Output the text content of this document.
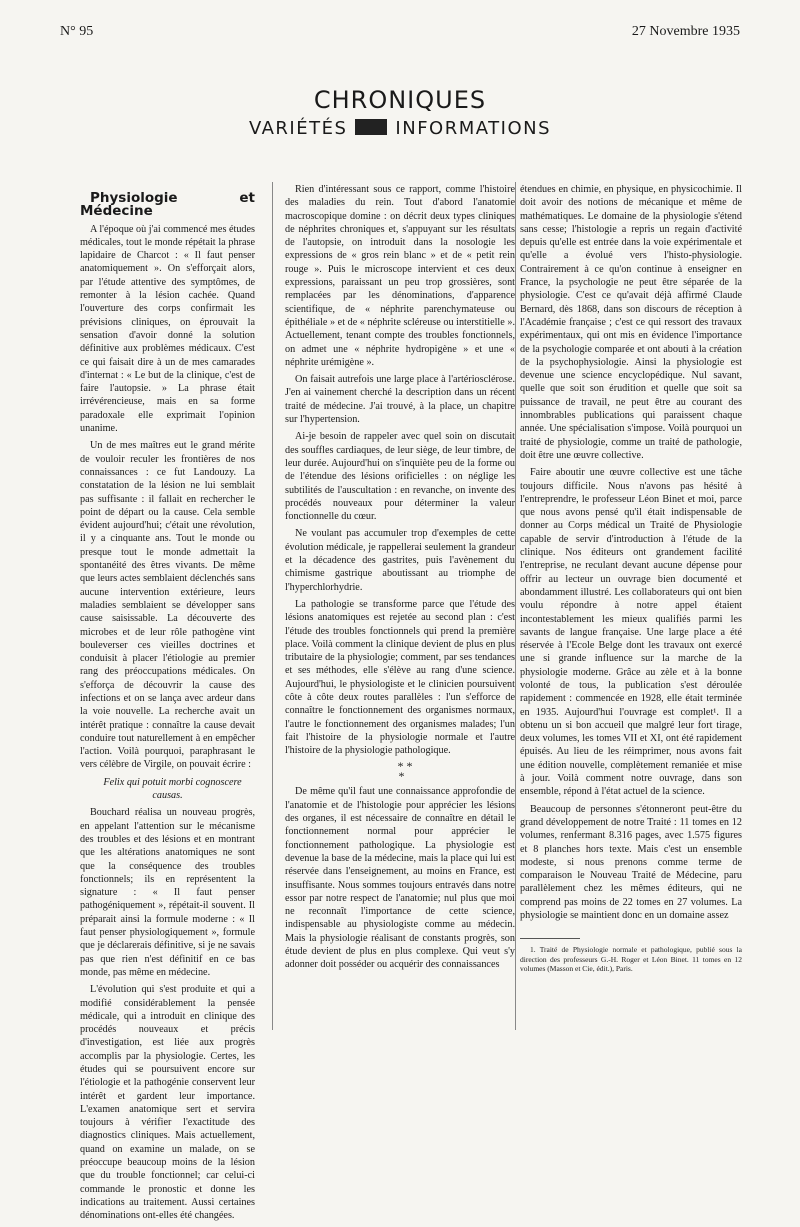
N° 95	27 Novembre 1935
CHRONIQUES
VARIÉTÉS	INFORMATIONS

Physiologie et Médecine

A l'époque où j'ai commencé mes études médicales, tout le monde répétait la phrase lapidaire de Charcot : « Il faut penser anatomiquement ». On s'efforçait alors, par l'étude attentive des symptômes, de remonter à la lésion cachée. Quand l'ouverture des corps confirmait les prévisions cliniques, on éprouvait la sensation d'avoir donné la solution définitive aux problèmes médicaux. C'est ce qui faisait dire à un de mes camarades d'internat : « Le but de la clinique, c'est de faire l'autopsie. » La phrase était irrévérencieuse, mais en sa forme paradoxale elle exprimait l'opinion unanime.

Un de mes maîtres eut le grand mérite de vouloir reculer les frontières de nos connaissances : ce fut Landouzy. La constatation de la lésion ne lui semblait pas suffisante : il fallait en rechercher le point de départ ou la cause. Cela semble évident aujourd'hui; c'était une révolution, il y a cinquante ans. Tout le monde ou presque tout le monde admettait la spontanéité des êtres vivants. De même que leurs actes semblaient déclenchés sans aucune intervention extérieure, leurs maladies semblaient se développer sans cause saisissable. La découverte des microbes et de leur rôle pathogène vint bouleverser ces vieilles doctrines et conduisit à placer l'étiologie au premier rang des préoccupations médicales. On s'efforça de découvrir la cause des infections et on se lança avec ardeur dans la voie nouvelle. La recherche avait un intérêt pratique : connaître la cause devait conduire tout naturellement à en empêcher l'action. Voilà pourquoi, paraphrasant le vers célèbre de Virgile, on pouvait écrire :

Felix qui potuit morbi cognoscere causas.

Bouchard réalisa un nouveau progrès, en appelant l'attention sur le mécanisme des troubles et des lésions et en montrant que les altérations anatomiques ne sont que la conséquence des troubles fonctionnels; ils en représentent la signature : « Il faut penser pathogéniquement », répétait-il souvent. Il préparait ainsi la formule moderne : « Il faut penser physiologiquement », formule que je déclarerais définitive, si je ne savais pas que rien n'est définitif en ce bas monde, pas même en médecine.

L'évolution qui s'est produite et qui a modifié considérablement la pensée médicale, qui a introduit en clinique des procédés nouveaux et précis d'investigation, est liée aux progrès accomplis par la physiologie. Certes, les études qui se poursuivent encore sur l'étiologie et la pathogénie conservent leur intérêt et gardent leur importance. L'examen anatomique sert et servira toujours à vérifier l'exactitude des diagnostics cliniques. Mais actuellement, quand on examine un malade, on se préoccupe beaucoup moins de la lésion que du trouble fonctionnel; car celui-ci commande le pronostic et donne les indications au traitement. Aussi certaines dénominations ont-elles été changées.

Rien d'intéressant sous ce rapport, comme l'histoire des maladies du rein. Tout d'abord l'anatomie macroscopique domine : on décrit deux types cliniques de néphrites chroniques et, s'appuyant sur les résultats de l'autopsie, on introduit dans la nosologie les expressions de « gros rein blanc » et de « petit rein rouge ». Puis le microscope intervient et ces deux expressions, paraissant un peu trop grossières, sont remplacées par les dénominations, d'apparence scientifique, de « néphrite parenchymateuse ou épithéliale » et de « néphrite scléreuse ou interstitielle ». Actuellement, tenant compte des troubles fonctionnels, on admet une « néphrite hydropigène » et une « néphrite urémigène ».

On faisait autrefois une large place à l'artériosclérose. J'en ai vainement cherché la description dans un récent traité de médecine. J'ai trouvé, à la place, un chapitre sur l'hypertension.

Ai-je besoin de rappeler avec quel soin on discutait des souffles cardiaques, de leur siège, de leur timbre, de leur durée. Aujourd'hui on s'inquiète peu de la forme ou de l'étendue des lésions orificielles : on néglige les subtilités de l'auscultation : en revanche, on invente des procédés nouveaux pour déterminer la valeur fonctionnelle du cœur.

Ne voulant pas accumuler trop d'exemples de cette évolution médicale, je rappellerai seulement la grandeur et la décadence des gastrites, puis l'avènement du chimisme gastrique aboutissant au triomphe de l'hyperchlorhydrie.

La pathologie se transforme parce que l'étude des lésions anatomiques est rejetée au second plan : c'est l'étude des troubles fonctionnels qui prend la première place. Voilà comment la clinique devient de plus en plus tributaire de la physiologie; comment, par ses tendances et ses méthodes, elle s'élève au rang d'une science. Aujourd'hui, le physiologiste et le clinicien poursuivent côte à côte deux routes parallèles : l'un s'efforce de connaître le fonctionnement des organismes normaux, l'autre le fonctionnement des organismes malades; l'un fait l'histoire de la physiologie normale et l'autre l'histoire de la physiologie pathologique.

* *
*

De même qu'il faut une connaissance approfondie de l'anatomie et de l'histologie pour apprécier les lésions des organes, il est nécessaire de connaître en détail le fonctionnement normal pour apprécier le fonctionnement pathologique. La physiologie est devenue la base de la médecine, mais la place qui lui est réservée dans l'enseignement, au moins en France, est insuffisante. Nous sommes toujours entravés dans notre essor par notre respect de l'anatomie; nul plus que moi ne reconnaît l'importance de cette science, indispensable au physiologiste comme au médecin. Mais la physiologie réalisant de constants progrès, son étude devient de plus en plus complexe. Qui veut s'y adonner doit posséder ou acquérir des connaissances

étendues en chimie, en physique, en physicochimie. Il doit avoir des notions de mécanique et même de mathématiques. Le domaine de la physiologie s'étend sans cesse; l'histologie a repris un regain d'activité depuis qu'elle est entrée dans la voie expérimentale et qu'elle a évolué vers l'histo-physiologie. Contrairement à ce qu'on continue à enseigner en France, la psychologie ne peut être séparée de la physiologie. C'est ce qu'avait déjà affirmé Claude Bernard, dès 1868, dans son discours de réception à l'Académie française ; c'est ce qui ressort des travaux expérimentaux, qui ont mis en évidence l'importance de la psychologie comparée et ont abouti à la création de la psychophysiologie. Ainsi la physiologie est devenue une science encyclopédique. Nul savant, quelle que soit son érudition et quelle que soit sa puissance de travail, ne peut être au courant des innombrables publications qui paraissent chaque année. Une spécialisation s'impose. Voilà pourquoi un traité de physiologie, comme un traité de pathologie, doit être une œuvre collective.

Faire aboutir une œuvre collective est une tâche toujours difficile. Nous n'avons pas hésité à l'entreprendre, le professeur Léon Binet et moi, parce que nous avons pensé qu'il était indispensable de donner au Corps médical un Traité de Physiologie capable de servir d'introduction à l'étude de la clinique. Nos éditeurs ont grandement facilité l'entreprise, ne reculant devant aucune dépense pour offrir au lecteur un ouvrage bien documenté et abondamment illustré. Les collaborateurs qui ont bien voulu répondre à notre appel étaient incontestablement les mieux qualifiés parmi les savants de langue française. Une large place a été réservée à l'Ecole Belge dont les travaux ont exercé une si grande influence sur la marche de la physiologie moderne. Grâce au zèle et à la bonne volonté de tous, la publication s'est déroulée rapidement : commencée en 1928, elle était terminée en 1935. Aujourd'hui l'ouvrage est complet¹. Il a obtenu un si bon accueil que malgré leur fort tirage, deux volumes, les tomes VII et XI, ont été rapidement épuisés. Au lieu de les réimprimer, nous avons fait une édition nouvelle, complètement remaniée et mise à jour. Voilà comment notre ouvrage, dans son ensemble, répond à l'état actuel de la science.

Beaucoup de personnes s'étonneront peut-être du grand développement de notre Traité : 11 tomes en 12 volumes, renfermant 8.316 pages, avec 1.575 figures et 8 planches hors texte. Mais c'est un ensemble modeste, si nous prenons comme terme de comparaison le Nouveau Traité de Médecine, paru parallèlement chez les mêmes éditeurs, qui ne comprend pas moins de 22 tomes en 27 volumes. La physiologie se maintient donc en un domaine assez

1. Traité de Physiologie normale et pathologique, publié sous la direction des professeurs G.-H. Roger et Léon Binet. 11 tomes en 12 volumes (Masson et Cie, édit.), Paris.
